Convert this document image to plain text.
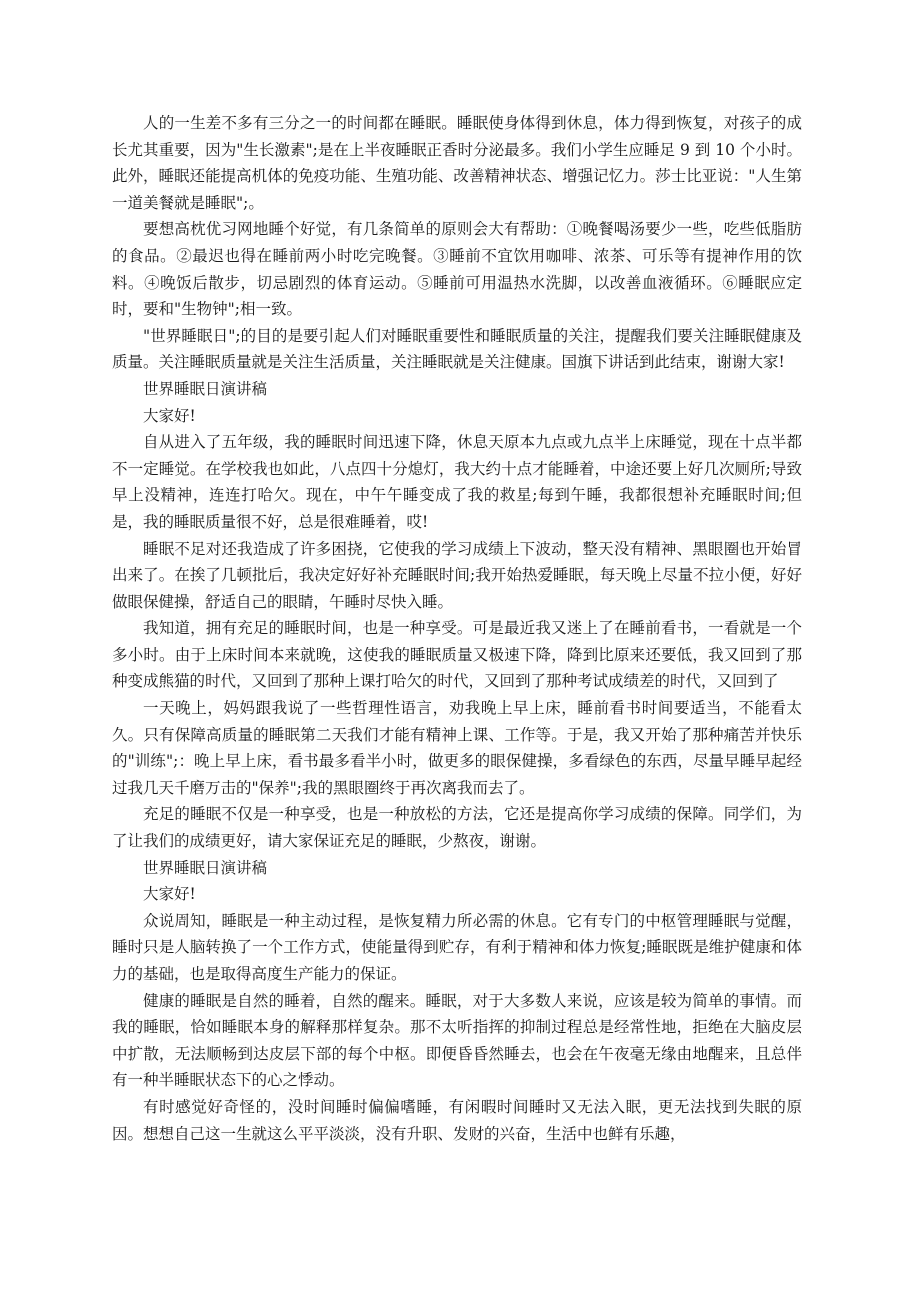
人的一生差不多有三分之一的时间都在睡眠。睡眠使身体得到休息，体力得到恢复，对孩子的成长尤其重要，因为"生长激素";是在上半夜睡眠正香时分泌最多。我们小学生应睡足 9 到 10 个小时。此外，睡眠还能提高机体的免疫功能、生殖功能、改善精神状态、增强记忆力。莎士比亚说："人生第一道美餐就是睡眠";。

要想高枕优习网地睡个好觉，有几条简单的原则会大有帮助：①晚餐喝汤要少一些，吃些低脂肪的食品。②最迟也得在睡前两小时吃完晚餐。③睡前不宜饮用咖啡、浓茶、可乐等有提神作用的饮料。④晚饭后散步，切忌剧烈的体育运动。⑤睡前可用温热水洗脚，以改善血液循环。⑥睡眠应定时，要和"生物钟";相一致。

"世界睡眠日";的目的是要引起人们对睡眠重要性和睡眠质量的关注，提醒我们要关注睡眠健康及质量。关注睡眠质量就是关注生活质量，关注睡眠就是关注健康。国旗下讲话到此结束，谢谢大家!

世界睡眠日演讲稿

大家好!

自从进入了五年级，我的睡眠时间迅速下降，休息天原本九点或九点半上床睡觉，现在十点半都不一定睡觉。在学校我也如此，八点四十分熄灯，我大约十点才能睡着，中途还要上好几次厕所;导致早上没精神，连连打哈欠。现在，中午午睡变成了我的救星;每到午睡，我都很想补充睡眠时间;但是，我的睡眠质量很不好，总是很难睡着，哎!

睡眠不足对还我造成了许多困挠，它使我的学习成绩上下波动，整天没有精神、黑眼圈也开始冒出来了。在挨了几顿批后，我决定好好补充睡眠时间;我开始热爱睡眠，每天晚上尽量不拉小便，好好做眼保健操，舒适自己的眼睛，午睡时尽快入睡。

我知道，拥有充足的睡眠时间，也是一种享受。可是最近我又迷上了在睡前看书，一看就是一个多小时。由于上床时间本来就晚，这使我的睡眠质量又极速下降，降到比原来还要低，我又回到了那种变成熊猫的时代，又回到了那种上课打哈欠的时代，又回到了那种考试成绩差的时代，又回到了

一天晚上，妈妈跟我说了一些哲理性语言，劝我晚上早上床，睡前看书时间要适当，不能看太久。只有保障高质量的睡眠第二天我们才能有精神上课、工作等。于是，我又开始了那种痛苦并快乐的"训练";：晚上早上床，看书最多看半小时，做更多的眼保健操，多看绿色的东西，尽量早睡早起经过我几天千磨万击的"保养";我的黑眼圈终于再次离我而去了。

充足的睡眠不仅是一种享受，也是一种放松的方法，它还是提高你学习成绩的保障。同学们，为了让我们的成绩更好，请大家保证充足的睡眠，少熬夜，谢谢。

世界睡眠日演讲稿

大家好!

众说周知，睡眠是一种主动过程，是恢复精力所必需的休息。它有专门的中枢管理睡眠与觉醒，睡时只是人脑转换了一个工作方式，使能量得到贮存，有利于精神和体力恢复;睡眠既是维护健康和体力的基础，也是取得高度生产能力的保证。

健康的睡眠是自然的睡着，自然的醒来。睡眠，对于大多数人来说，应该是较为简单的事情。而我的睡眠，恰如睡眠本身的解释那样复杂。那不太听指挥的抑制过程总是经常性地，拒绝在大脑皮层中扩散，无法顺畅到达皮层下部的每个中枢。即便昏昏然睡去，也会在午夜毫无缘由地醒来，且总伴有一种半睡眠状态下的心之悸动。

有时感觉好奇怪的，没时间睡时偏偏嗜睡，有闲暇时间睡时又无法入眠，更无法找到失眠的原因。想想自己这一生就这么平平淡淡，没有升职、发财的兴奋，生活中也鲜有乐趣，
